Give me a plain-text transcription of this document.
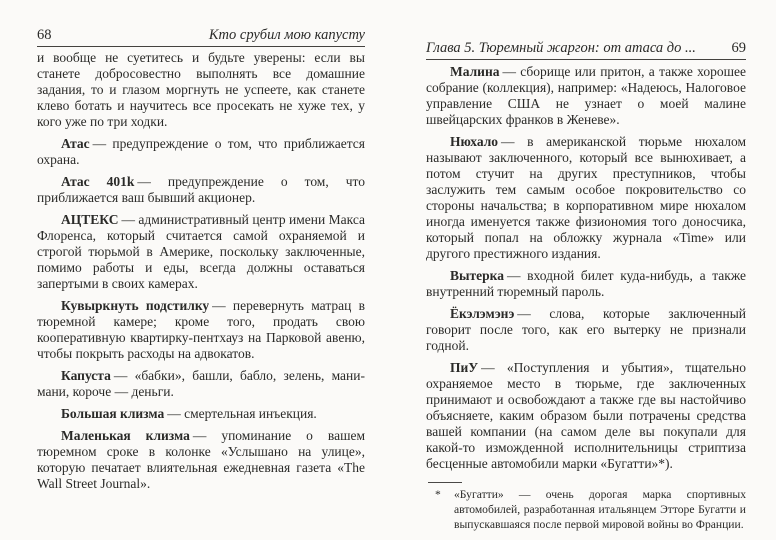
68	Кто срубил мою капусту

и вообще не суетитесь и будьте уверены: если вы станете добросовестно выполнять все домашние задания, то и глазом моргнуть не успеете, как станете клево ботать и научитесь все просекать не хуже тех, у кого уже по три ходки.

Атас — предупреждение о том, что приближается охрана.

Атас 401k — предупреждение о том, что приближается ваш бывший акционер.

АЦТЕКС — административный центр имени Макса Флоренса, который считается самой охраняемой и строгой тюрьмой в Америке, поскольку заключенные, помимо работы и еды, всегда должны оставаться запертыми в своих камерах.

Кувыркнуть подстилку — перевернуть матрац в тюремной камере; кроме того, продать свою кооперативную квартирку-пентхауз на Парковой авеню, чтобы покрыть расходы на адвокатов.

Капуста — «бабки», башли, бабло, зелень, мани-мани, короче — деньги.

Большая клизма — смертельная инъекция.

Маленькая клизма — упоминание о вашем тюремном сроке в колонке «Услышано на улице», которую печатает влиятельная ежедневная газета «The Wall Street Journal».

Глава 5. Тюремный жаргон: от атаса до ... 69

Малина — сборище или притон, а также хорошее собрание (коллекция), например: «Надеюсь, Налоговое управление США не узнает о моей малине швейцарских франков в Женеве».

Нюхало — в американской тюрьме нюхалом называют заключенного, который все вынюхивает, а потом стучит на других преступников, чтобы заслужить тем самым особое покровительство со стороны начальства; в корпоративном мире нюхалом иногда именуется также физиономия того доносчика, который попал на обложку журнала «Time» или другого престижного издания.

Вытерка — входной билет куда-нибудь, а также внутренний тюремный пароль.

Ёкэлэмэнэ — слова, которые заключенный говорит после того, как его вытерку не признали годной.

ПиУ — «Поступления и убытия», тщательно охраняемое место в тюрьме, где заключенных принимают и освобождают а также где вы настойчиво объясняете, каким образом были потрачены средства вашей компании (на самом деле вы покупали для какой-то изможденной исполнительницы стриптиза бесценные автомобили марки «Бугатти»*).

* «Бугатти» — очень дорогая марка спортивных автомобилей, разработанная итальянцем Этторе Бугатти и выпускавшаяся после первой мировой войны во Франции.
